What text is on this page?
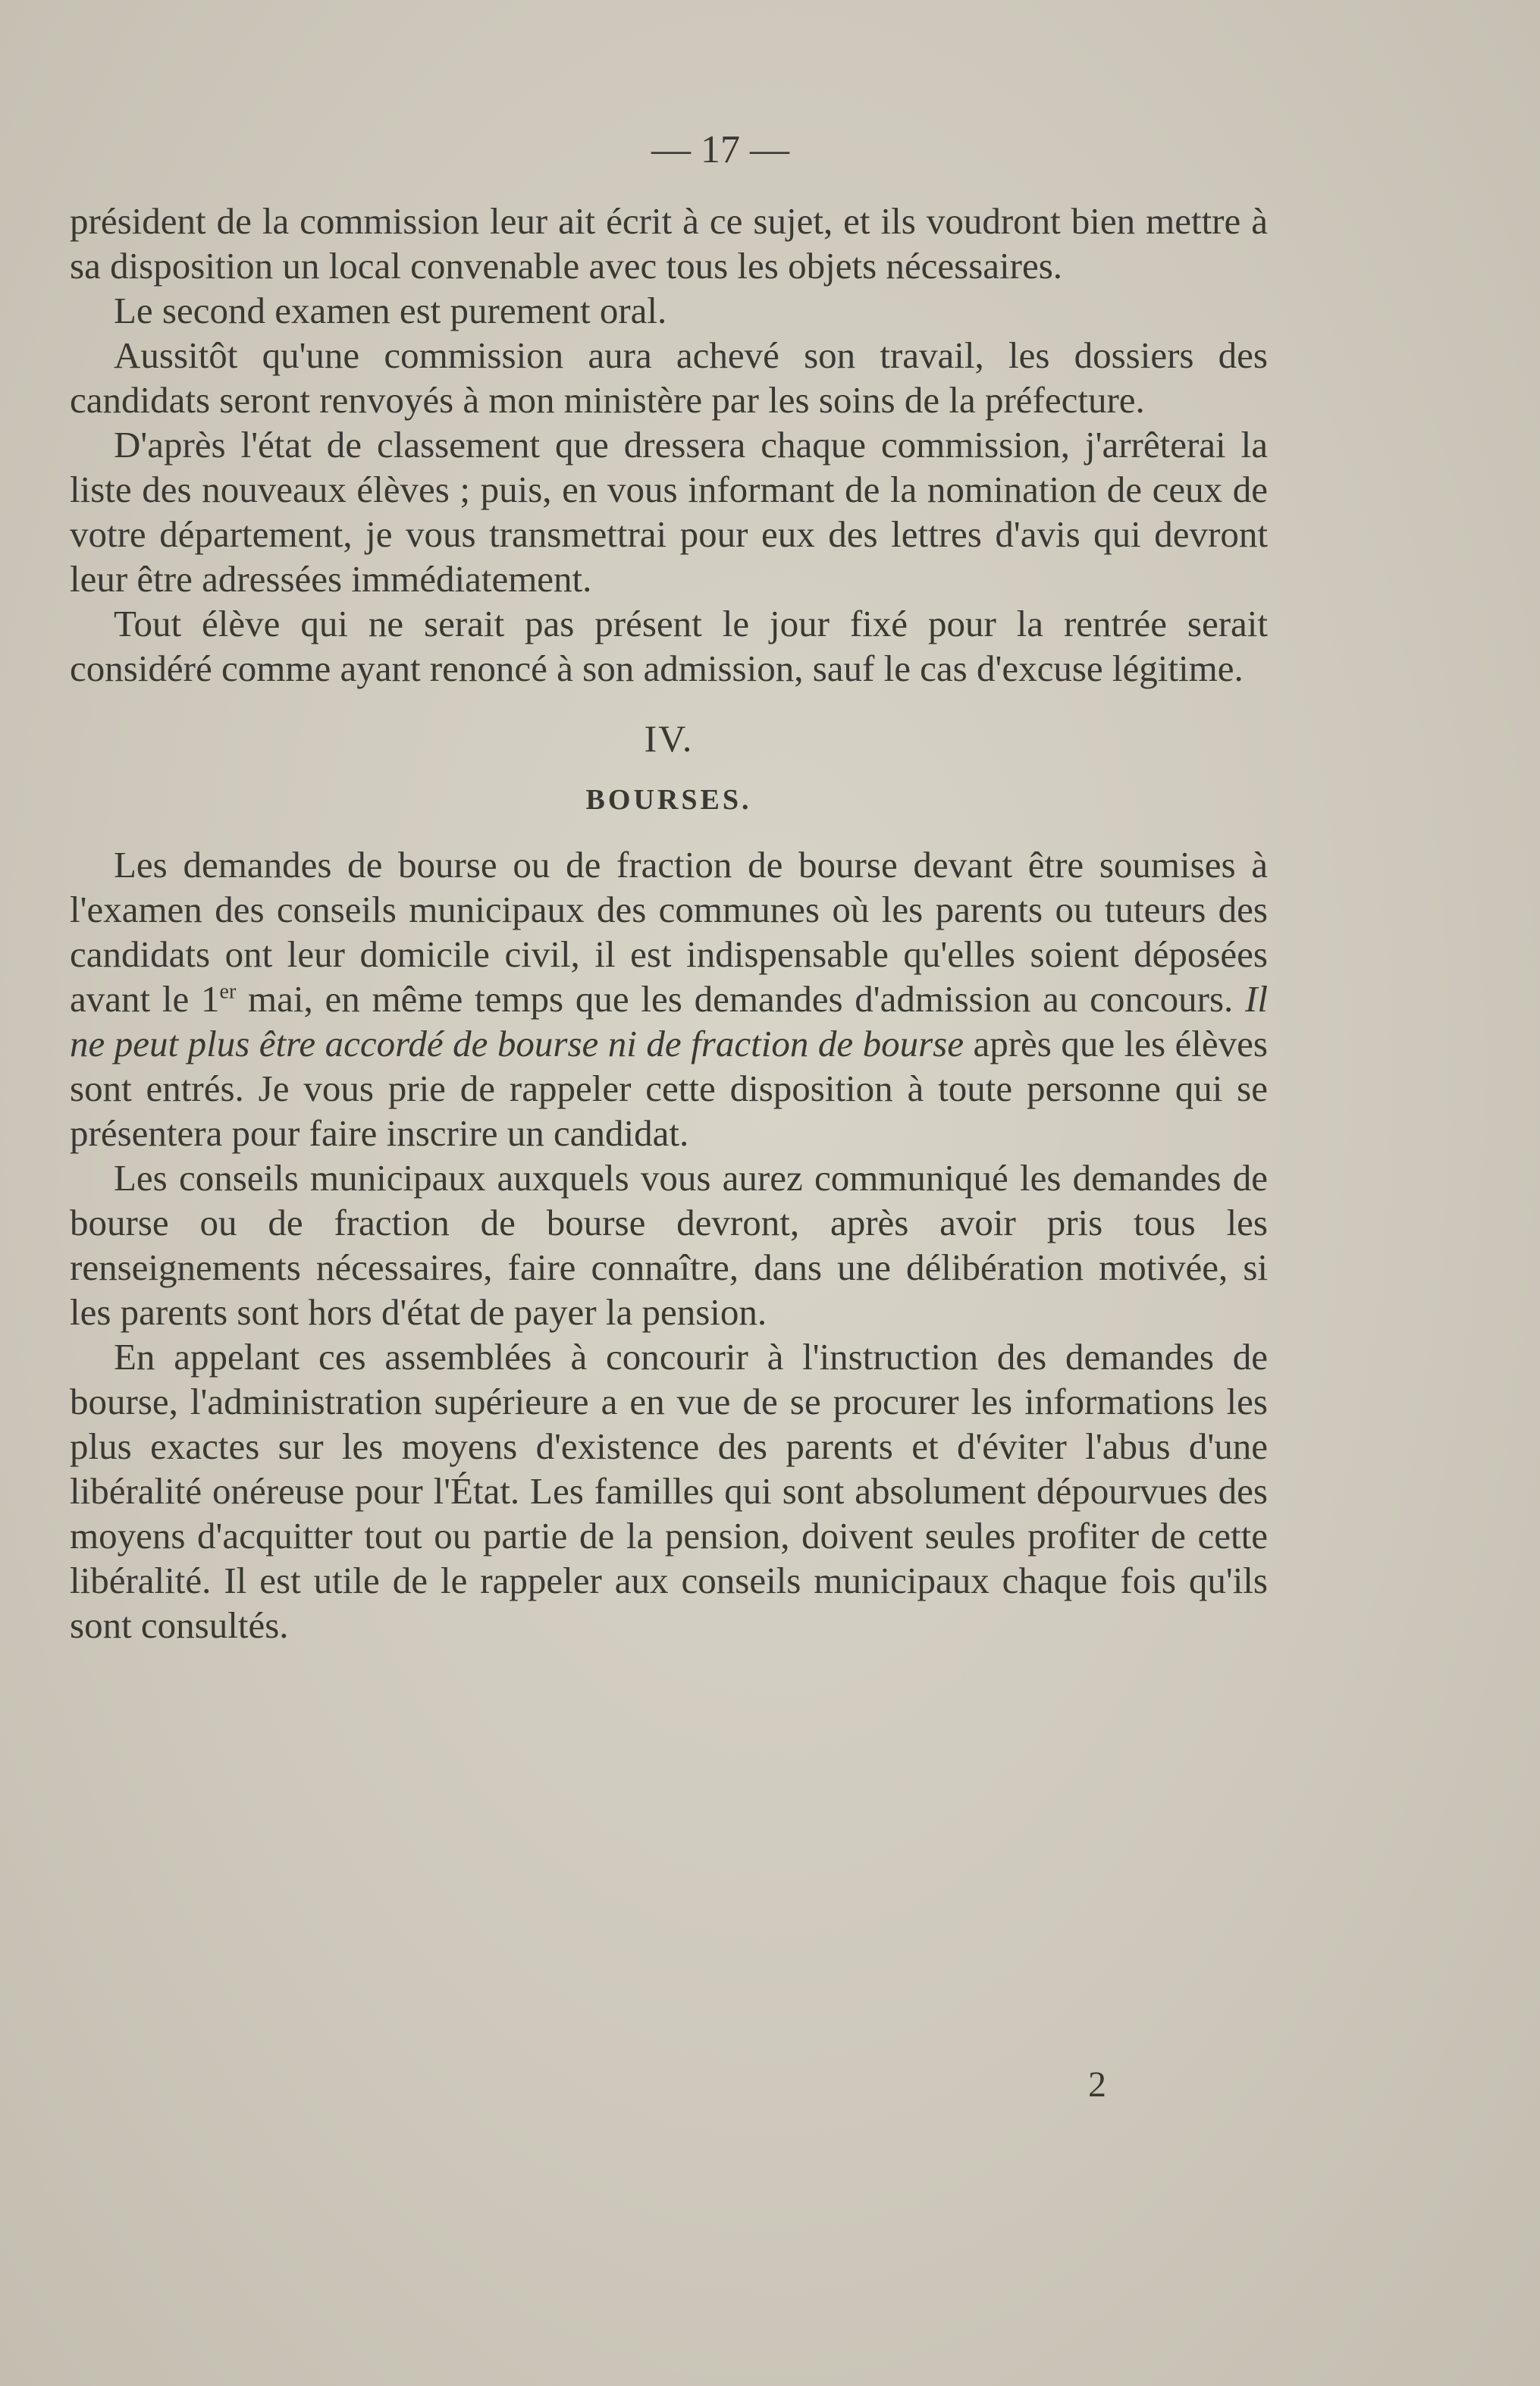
— 17 —

président de la commission leur ait écrit à ce sujet, et ils voudront bien mettre à sa disposition un local convenable avec tous les objets nécessaires.

Le second examen est purement oral.

Aussitôt qu'une commission aura achevé son travail, les dossiers des candidats seront renvoyés à mon ministère par les soins de la préfecture.

D'après l'état de classement que dressera chaque commission, j'arrêterai la liste des nouveaux élèves ; puis, en vous informant de la nomination de ceux de votre département, je vous transmettrai pour eux des lettres d'avis qui devront leur être adressées immédiatement.

Tout élève qui ne serait pas présent le jour fixé pour la rentrée serait considéré comme ayant renoncé à son admission, sauf le cas d'excuse légitime.

IV.
BOURSES.

Les demandes de bourse ou de fraction de bourse devant être soumises à l'examen des conseils municipaux des communes où les parents ou tuteurs des candidats ont leur domicile civil, il est indispensable qu'elles soient déposées avant le 1er mai, en même temps que les demandes d'admission au concours. Il ne peut plus être accordé de bourse ni de fraction de bourse après que les élèves sont entrés. Je vous prie de rappeler cette disposition à toute personne qui se présentera pour faire inscrire un candidat.

Les conseils municipaux auxquels vous aurez communiqué les demandes de bourse ou de fraction de bourse devront, après avoir pris tous les renseignements nécessaires, faire connaître, dans une délibération motivée, si les parents sont hors d'état de payer la pension.

En appelant ces assemblées à concourir à l'instruction des demandes de bourse, l'administration supérieure a en vue de se procurer les informations les plus exactes sur les moyens d'existence des parents et d'éviter l'abus d'une libéralité onéreuse pour l'État. Les familles qui sont absolument dépourvues des moyens d'acquitter tout ou partie de la pension, doivent seules profiter de cette libéralité. Il est utile de le rappeler aux conseils municipaux chaque fois qu'ils sont consultés.

2
